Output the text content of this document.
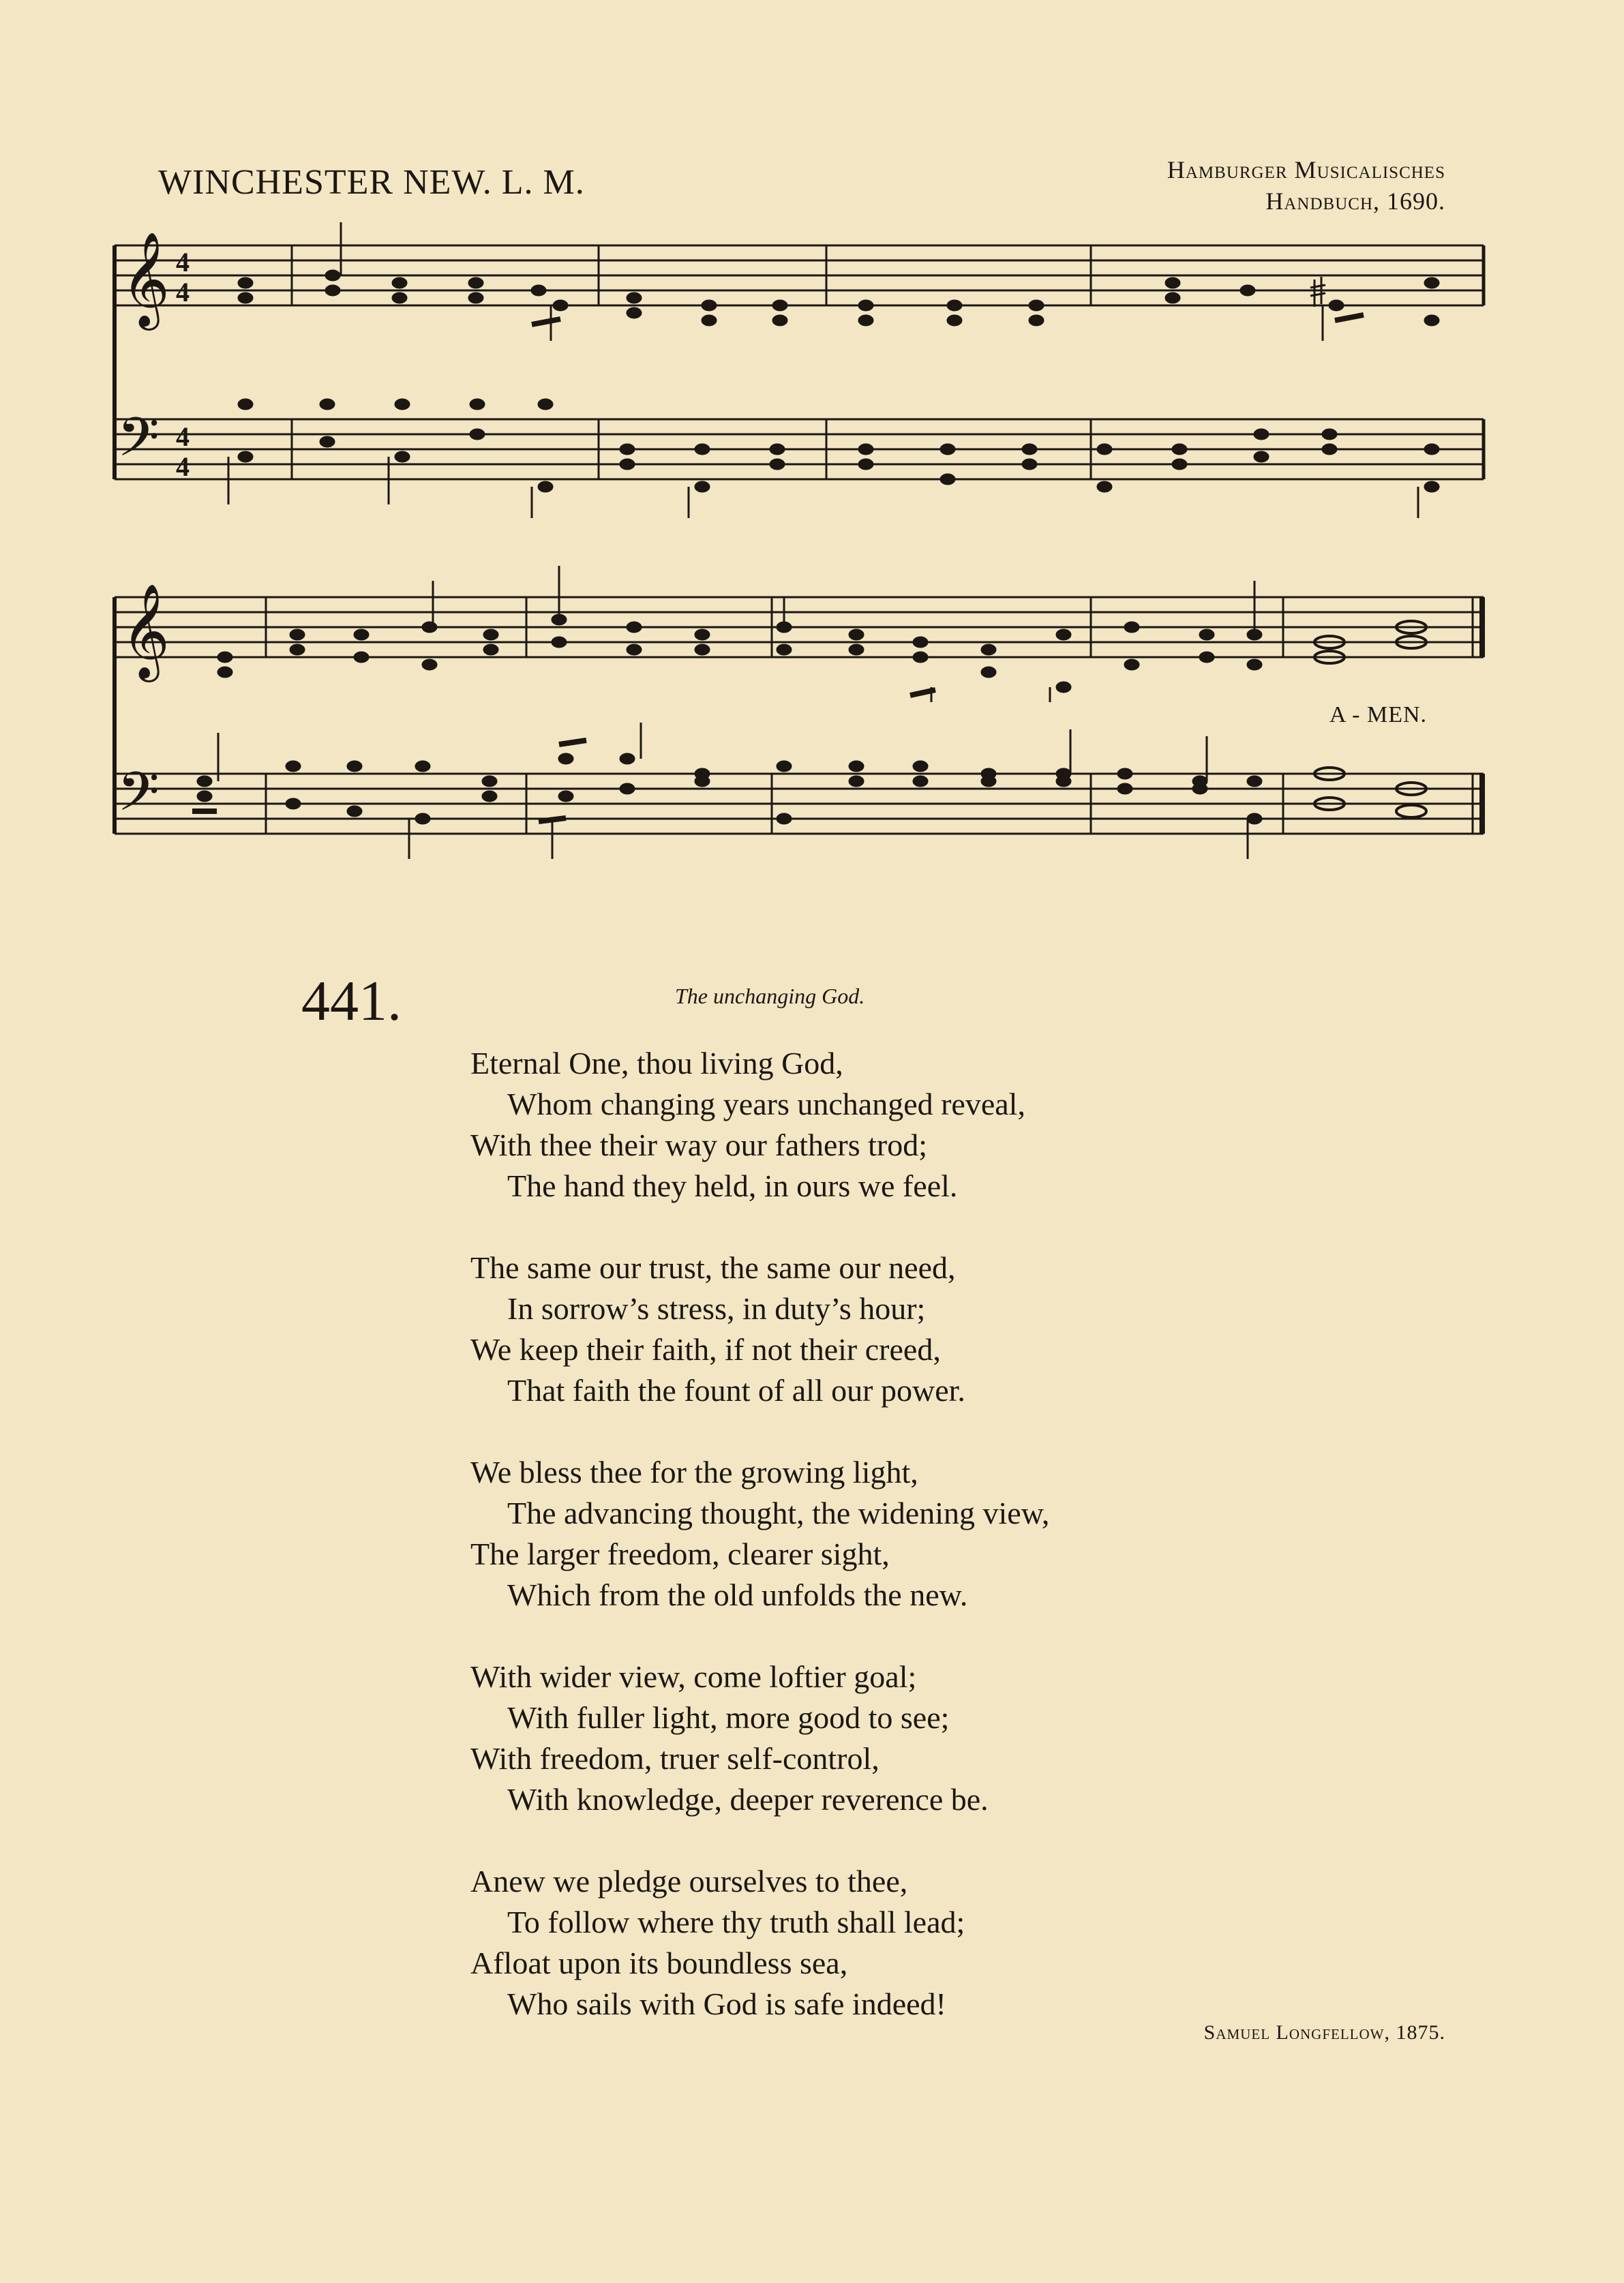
WINCHESTER NEW. L. M.	Hamburger Musicalisches
Handbuch, 1690.
𝄞
𝄢
𝄞
𝄢
4
4
4
4
A - MEN.
441.	The unchanging God.
Eternal One, thou living God,
Whom changing years unchanged reveal,
With thee their way our fathers trod;
The hand they held, in ours we feel.
The same our trust, the same our need,
In sorrow’s stress, in duty’s hour;
We keep their faith, if not their creed,
That faith the fount of all our power.
We bless thee for the growing light,
The advancing thought, the widening view,
The larger freedom, clearer sight,
Which from the old unfolds the new.
With wider view, come loftier goal;
With fuller light, more good to see;
With freedom, truer self-control,
With knowledge, deeper reverence be.
Anew we pledge ourselves to thee,
To follow where thy truth shall lead;
Afloat upon its boundless sea,
Who sails with God is safe indeed!
Samuel Longfellow, 1875.
